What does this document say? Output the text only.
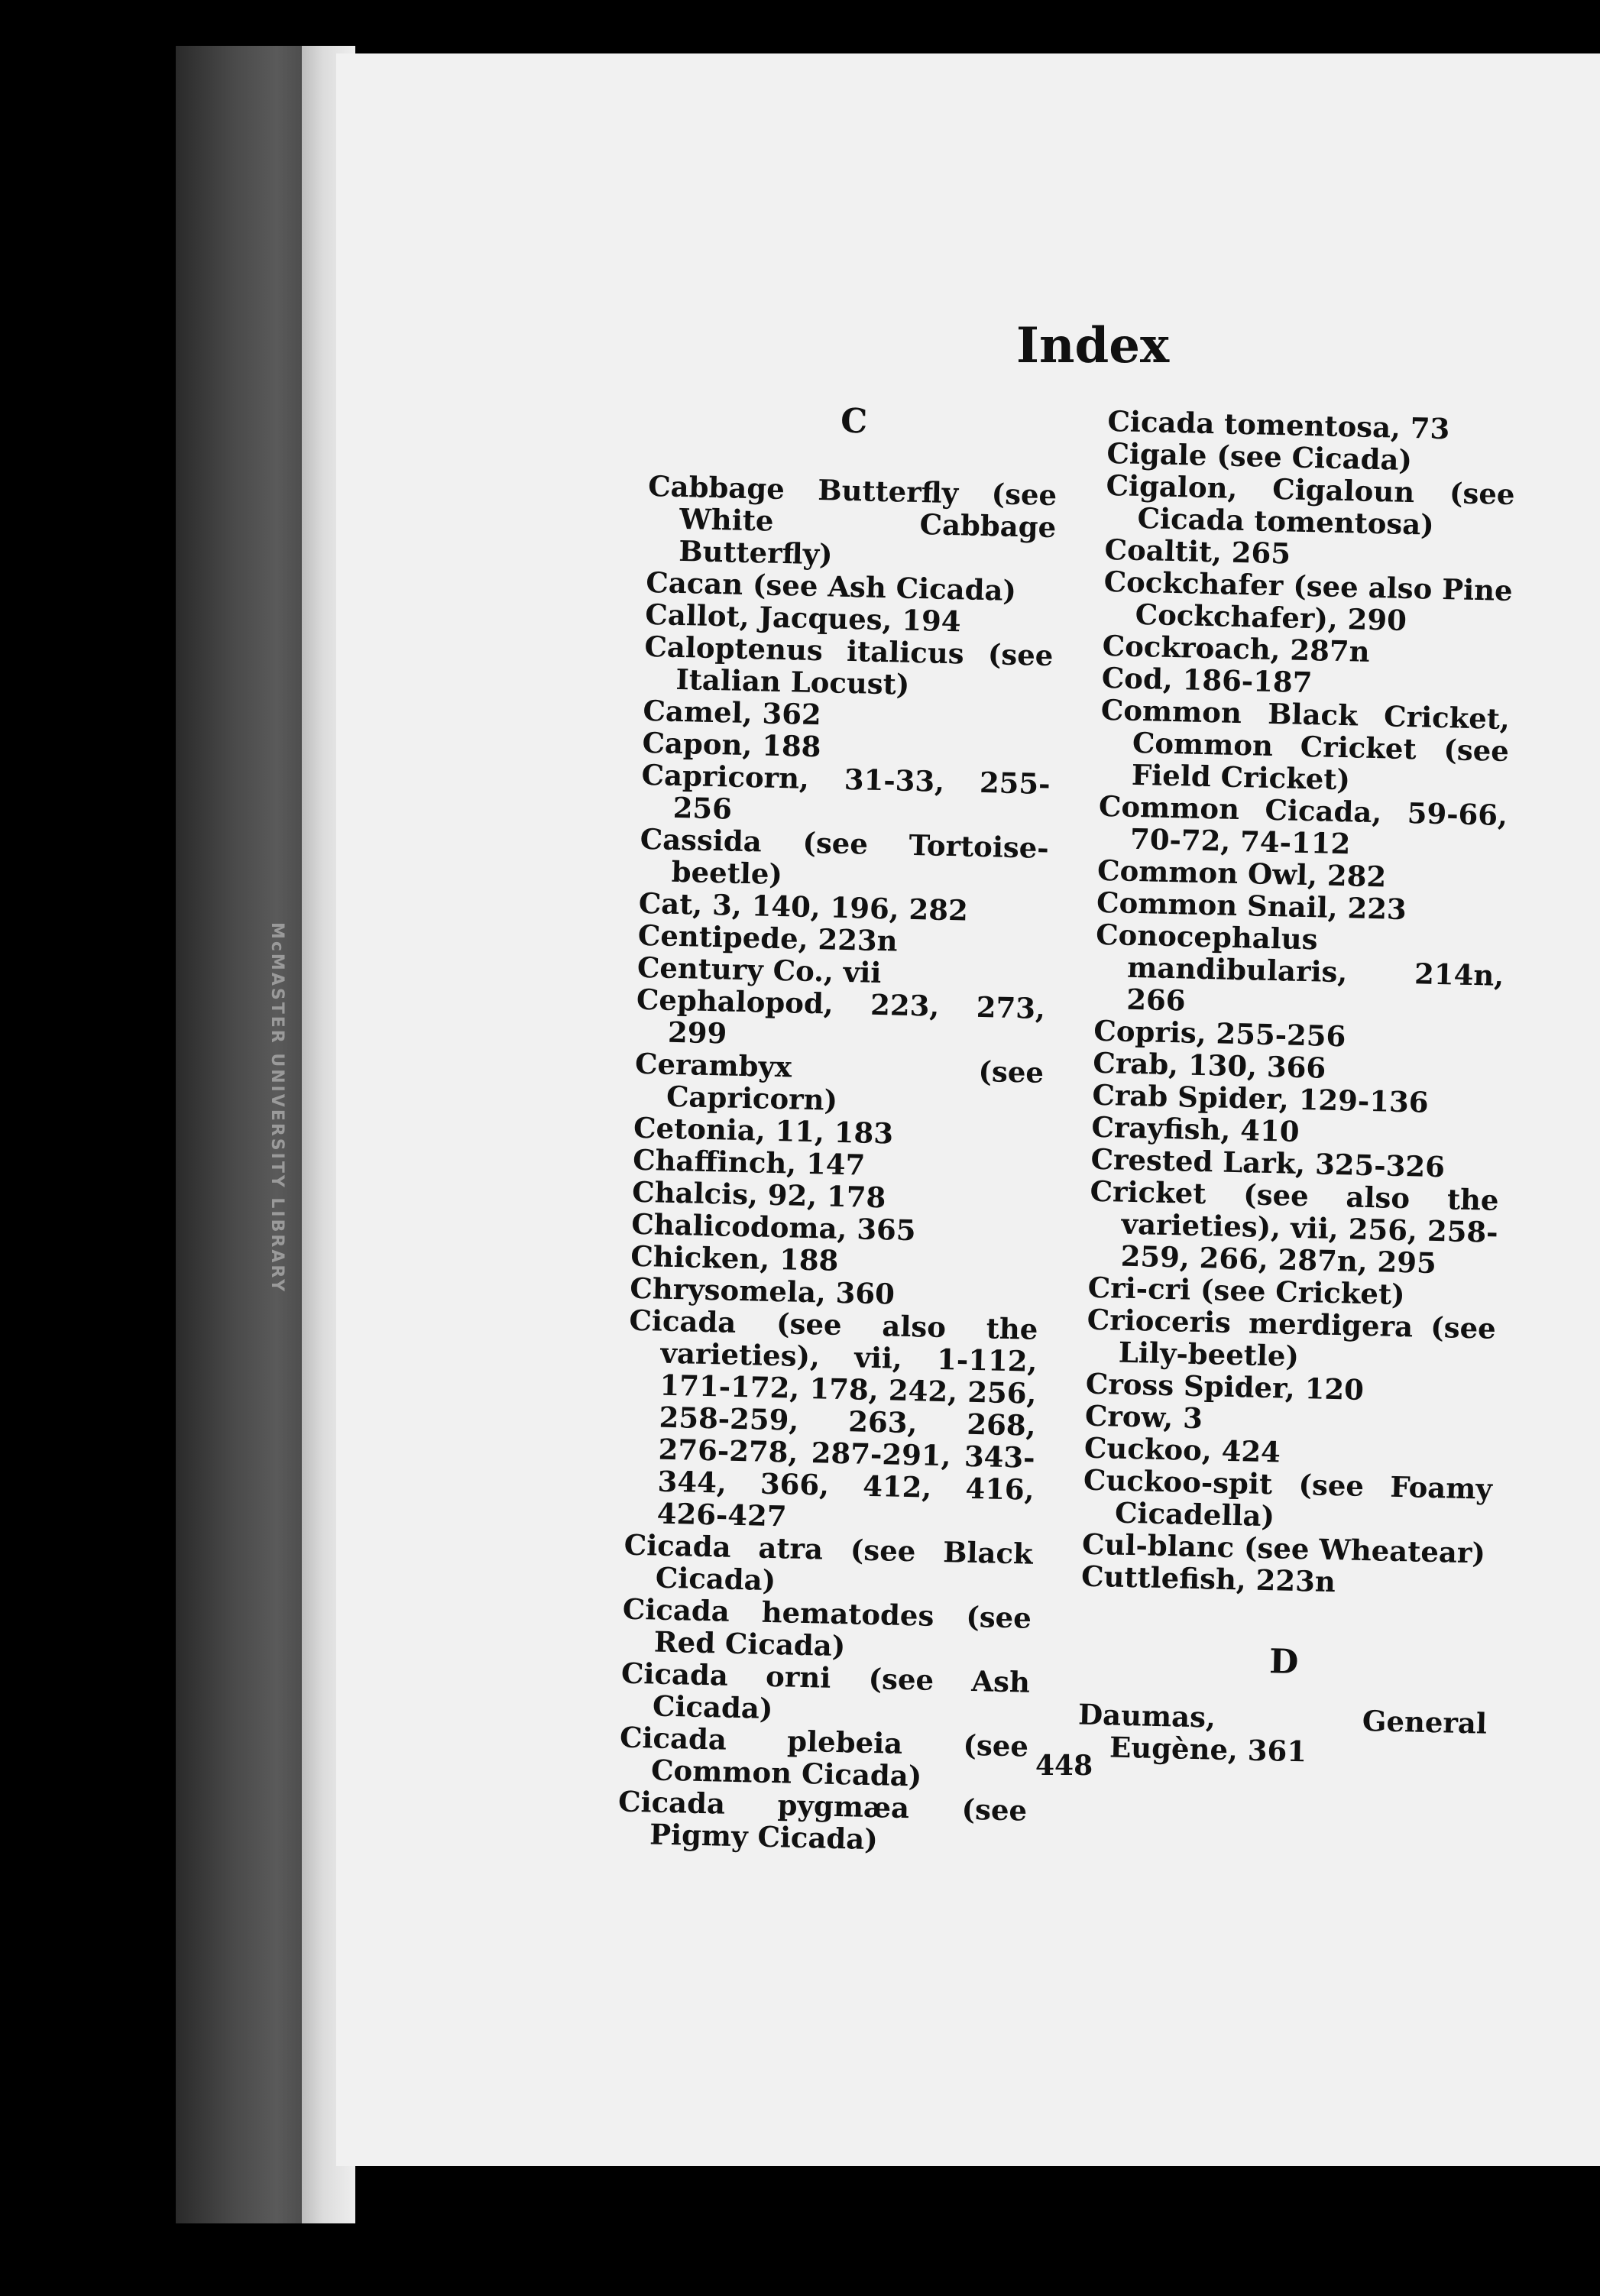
McMASTER UNIVERSITY LIBRARY
Index
C
Cabbage Butterfly (see White Cabbage Butterfly)
Cacan (see Ash Cicada)
Callot, Jacques, 194
Caloptenus italicus (see Italian Locust)
Camel, 362
Capon, 188
Capricorn, 31-33, 255-256
Cassida (see Tortoise-beetle)
Cat, 3, 140, 196, 282
Centipede, 223n
Century Co., vii
Cephalopod, 223, 273, 299
Cerambyx (see Capricorn)
Cetonia, 11, 183
Chaffinch, 147
Chalcis, 92, 178
Chalicodoma, 365
Chicken, 188
Chrysomela, 360
Cicada (see also the varieties), vii, 1-112, 171-172, 178, 242, 256, 258-259, 263, 268, 276-278, 287-291, 343-344, 366, 412, 416, 426-427
Cicada atra (see Black Cicada)
Cicada hematodes (see Red Cicada)
Cicada orni (see Ash Cicada)
Cicada plebeia (see Common Cicada)
Cicada pygmæa (see Pigmy Cicada)
Cicada tomentosa, 73
Cigale (see Cicada)
Cigalon, Cigaloun (see Cicada tomentosa)
Coaltit, 265
Cockchafer (see also Pine Cockchafer), 290
Cockroach, 287n
Cod, 186-187
Common Black Cricket, Common Cricket (see Field Cricket)
Common Cicada, 59-66, 70-72, 74-112
Common Owl, 282
Common Snail, 223
Conocephalus mandibularis, 214n, 266
Copris, 255-256
Crab, 130, 366
Crab Spider, 129-136
Crayfish, 410
Crested Lark, 325-326
Cricket (see also the varieties), vii, 256, 258-259, 266, 287n, 295
Cri-cri (see Cricket)
Crioceris merdigera (see Lily-beetle)
Cross Spider, 120
Crow, 3
Cuckoo, 424
Cuckoo-spit (see Foamy Cicadella)
Cul-blanc (see Wheatear)
Cuttlefish, 223n
D
Daumas, General Eugène, 361
448
